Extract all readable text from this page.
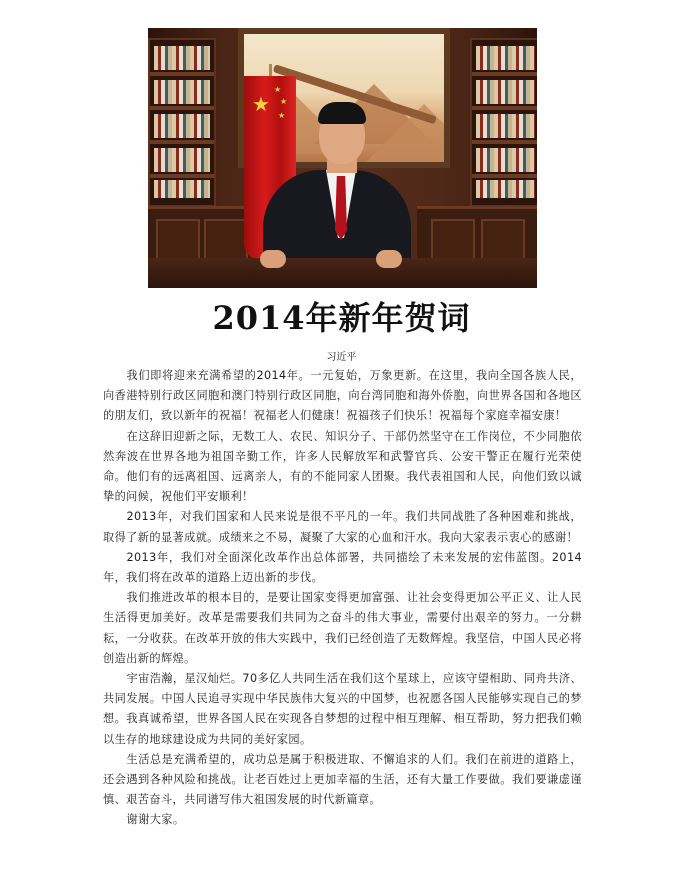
★
★
★
★
2014年新年贺词
习近平

我们即将迎来充满希望的2014年。一元复始，万象更新。在这里，我向全国各族人民，向香港特别行政区同胞和澳门特别行政区同胞，向台湾同胞和海外侨胞，向世界各国和各地区的朋友们，致以新年的祝福！祝福老人们健康！祝福孩子们快乐！祝福每个家庭幸福安康！

在这辞旧迎新之际，无数工人、农民、知识分子、干部仍然坚守在工作岗位，不少同胞依然奔波在世界各地为祖国辛勤工作，许多人民解放军和武警官兵、公安干警正在履行光荣使命。他们有的远离祖国、远离亲人，有的不能同家人团聚。我代表祖国和人民，向他们致以诚挚的问候，祝他们平安顺利！

2013年，对我们国家和人民来说是很不平凡的一年。我们共同战胜了各种困难和挑战，取得了新的显著成就。成绩来之不易，凝聚了大家的心血和汗水。我向大家表示衷心的感谢！

2013年，我们对全面深化改革作出总体部署，共同描绘了未来发展的宏伟蓝图。2014年，我们将在改革的道路上迈出新的步伐。

我们推进改革的根本目的，是要让国家变得更加富强、让社会变得更加公平正义、让人民生活得更加美好。改革是需要我们共同为之奋斗的伟大事业，需要付出艰辛的努力。一分耕耘，一分收获。在改革开放的伟大实践中，我们已经创造了无数辉煌。我坚信，中国人民必将创造出新的辉煌。

宇宙浩瀚，星汉灿烂。70多亿人共同生活在我们这个星球上，应该守望相助、同舟共济、共同发展。中国人民追寻实现中华民族伟大复兴的中国梦，也祝愿各国人民能够实现自己的梦想。我真诚希望，世界各国人民在实现各自梦想的过程中相互理解、相互帮助，努力把我们赖以生存的地球建设成为共同的美好家园。

生活总是充满希望的，成功总是属于积极进取、不懈追求的人们。我们在前进的道路上，还会遇到各种风险和挑战。让老百姓过上更加幸福的生活，还有大量工作要做。我们要谦虚谨慎、艰苦奋斗，共同谱写伟大祖国发展的时代新篇章。

谢谢大家。
